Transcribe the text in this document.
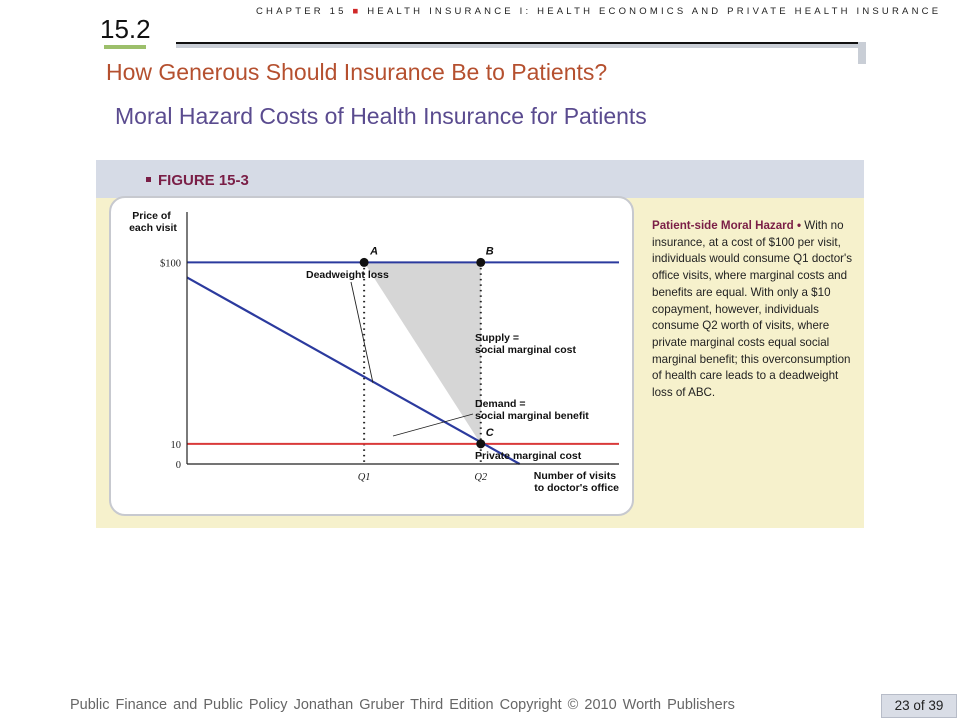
15.2
CHAPTER 15 ■ HEALTH INSURANCE I: HEALTH ECONOMICS AND PRIVATE HEALTH INSURANCE
How Generous Should Insurance Be to Patients?
Moral Hazard Costs of Health Insurance for Patients
FIGURE 15-3
A	B
C
$100
10
0
Q1	Q2
Price of each visit
Number of visits to doctor's office
Deadweight loss
Supply = social marginal cost
Demand = social marginal benefit
Private marginal cost
Patient-side Moral Hazard • With no insurance, at a cost of $100 per visit, individuals would consume Q1 doctor's office visits, where marginal costs and benefits are equal. With only a $10 copayment, however, individuals consume Q2 worth of visits, where private marginal costs equal social marginal benefit; this overconsumption of health care leads to a deadweight loss of ABC.
Public Finance and Public Policy Jonathan Gruber Third Edition Copyright © 2010 Worth Publishers	23 of 39
